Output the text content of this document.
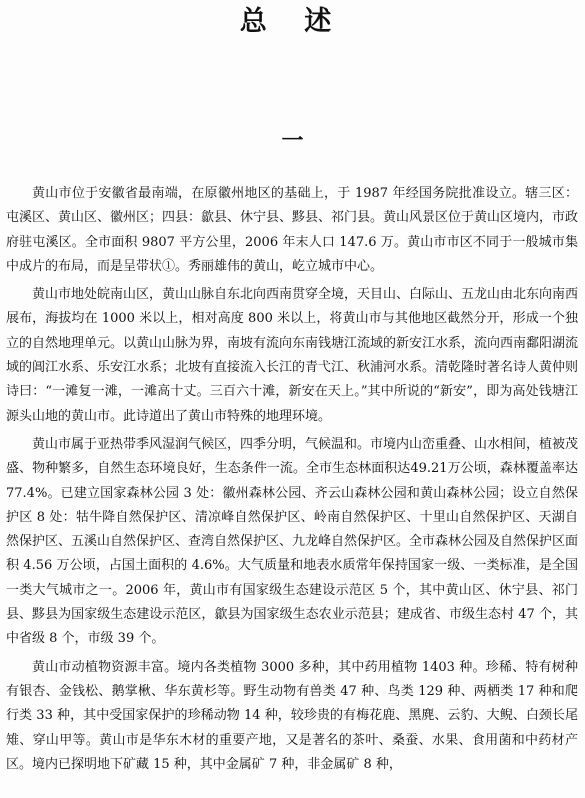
总 述
一

黄山市位于安徽省最南端，在原徽州地区的基础上，于 1987 年经国务院批准设立。辖三区：屯溪区、黄山区、徽州区；四县：歙县、休宁县、黟县、祁门县。黄山风景区位于黄山区境内，市政府驻屯溪区。全市面积 9807 平方公里，2006 年末人口 147.6 万。黄山市市区不同于一般城市集中成片的布局，而是呈带状①。秀丽雄伟的黄山，屹立城市中心。

黄山市地处皖南山区，黄山山脉自东北向西南贯穿全境，天目山、白际山、五龙山由北东向南西展布，海拔均在 1000 米以上，相对高度 800 米以上，将黄山市与其他地区截然分开，形成一个独立的自然地理单元。以黄山山脉为界，南坡有流向东南钱塘江流域的新安江水系，流向西南鄱阳湖流域的阊江水系、乐安江水系；北坡有直接流入长江的青弋江、秋浦河水系。清乾隆时著名诗人黄仲则诗曰：“一滩复一滩，一滩高十丈。三百六十滩，新安在天上。”其中所说的“新安”，即为高处钱塘江源头山地的黄山市。此诗道出了黄山市特殊的地理环境。

黄山市属于亚热带季风湿润气候区，四季分明，气候温和。市境内山峦重叠、山水相间，植被茂盛、物种繁多，自然生态环境良好，生态条件一流。全市生态林面积达49.21万公顷，森林覆盖率达 77.4%。已建立国家森林公园 3 处：徽州森林公园、齐云山森林公园和黄山森林公园；设立自然保护区 8 处：牯牛降自然保护区、清凉峰自然保护区、岭南自然保护区、十里山自然保护区、天湖自然保护区、五溪山自然保护区、查湾自然保护区、九龙峰自然保护区。全市森林公园及自然保护区面积 4.56 万公顷，占国土面积的 4.6%。大气质量和地表水质常年保持国家一级、一类标准，是全国一类大气城市之一。2006 年，黄山市有国家级生态建设示范区 5 个，其中黄山区、休宁县、祁门县、黟县为国家级生态建设示范区，歙县为国家级生态农业示范县；建成省、市级生态村 47 个，其中省级 8 个，市级 39 个。

黄山市动植物资源丰富。境内各类植物 3000 多种，其中药用植物 1403 种。珍稀、特有树种有银杏、金钱松、鹅掌楸、华东黄杉等。野生动物有兽类 47 种、鸟类 129 种、两栖类 17 种和爬行类 33 种，其中受国家保护的珍稀动物 14 种，较珍贵的有梅花鹿、黑麂、云豹、大鲵、白颈长尾雉、穿山甲等。黄山市是华东木材的重要产地，又是著名的茶叶、桑蚕、水果、食用菌和中药材产区。境内已探明地下矿藏 15 种，其中金属矿 7 种，非金属矿 8 种，
